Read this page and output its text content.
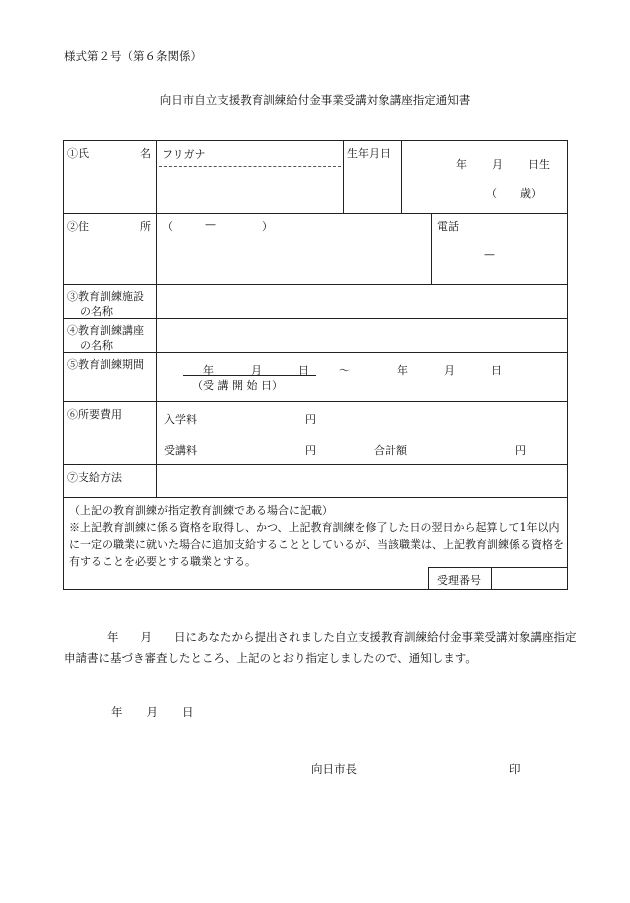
様式第２号（第６条関係）
向日市自立支援教育訓練給付金事業受講対象講座指定通知書
①氏	名 フリガナ	生年月日
年 月 日生
（ 歳）
②住	所 （	—	）	電話
—
③教育訓練施設
の名称
④教育訓練講座
の名称
⑤教育訓練期間	年	月	日	～	年	月	日
（受 講 開 始 日）
⑥所要費用	入学料	円
受講料	円	合計額	円
⑦支給方法
（上記の教育訓練が指定教育訓練である場合に記載）
※上記教育訓練に係る資格を取得し、かつ、上記教育訓練を修了した日の翌日から起算して1年以内に一定の職業に就いた場合に追加支給することとしているが、当該職業は、上記教育訓練係る資格を有することを必要とする職業とする。
受理番号
年 月 日にあなたから提出されました自立支援教育訓練給付金事業受講対象講座指定
申請書に基づき審査したところ、上記のとおり指定しましたので、通知します。
年 月 日
向日市長	印
